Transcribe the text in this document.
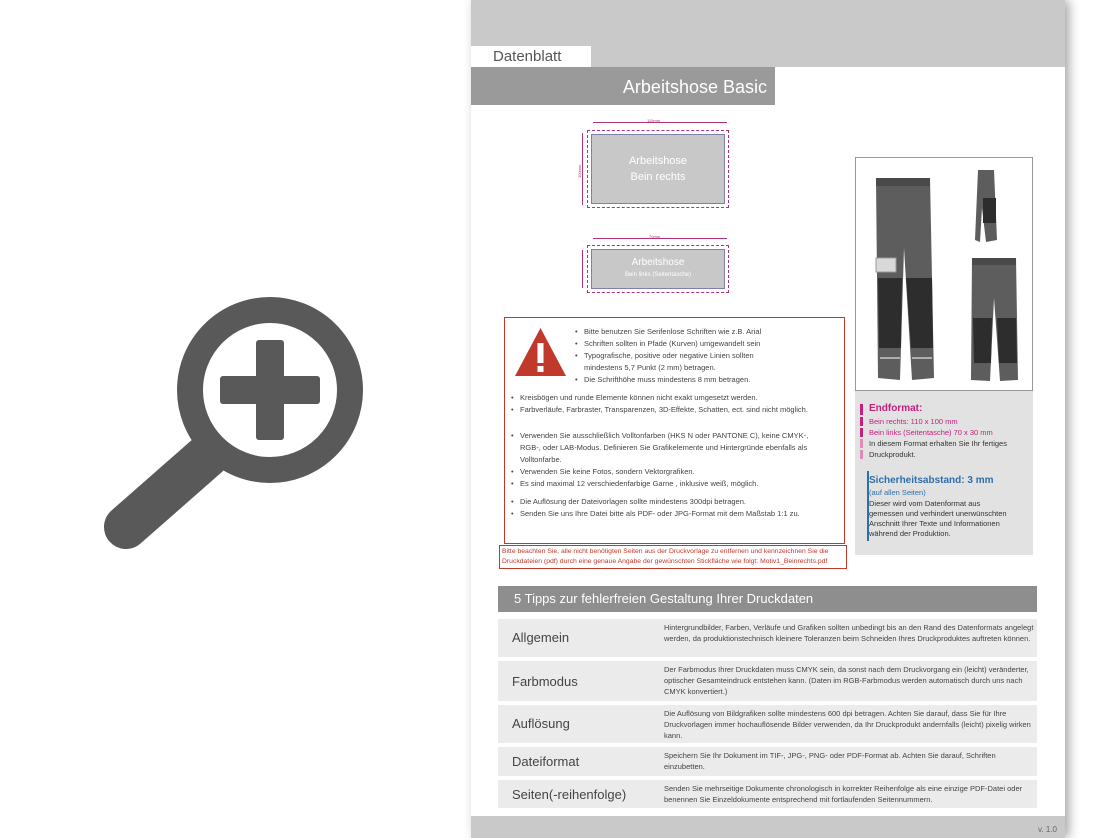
Datenblatt
Arbeitshose Basic
110mm
100mm
Arbeitshose
Bein rechts
70mm
Arbeitshose
Bein links (Seitentasche)
• Bitte benutzen Sie Serifenlose Schriften wie z.B. Arial
• Schriften sollten in Pfade (Kurven) umgewandelt sein
• Typografische, positive oder negative Linien sollten
mindestens 5,7 Punkt (2 mm) betragen.
• Die Schrifthöhe muss mindestens 8 mm betragen.
• Kreisbögen und runde Elemente können nicht exakt umgesetzt werden.
• Farbverläufe, Farbraster, Transparenzen, 3D-Effekte, Schatten, ect. sind nicht möglich.
• Verwenden Sie ausschließlich Volltonfarben (HKS N oder PANTONE C), keine CMYK-,
RGB-, oder LAB-Modus. Definieren Sie Grafikelemente und Hintergründe ebenfalls als
Volltonfarbe.
• Verwenden Sie keine Fotos, sondern Vektorgrafiken.
• Es sind maximal 12 verschiedenfarbige Garne , inklusive weiß, möglich.
• Die Auflösung der Dateivorlagen sollte mindestens 300dpi betragen.
• Senden Sie uns Ihre Datei bitte als PDF- oder JPG-Format mit dem Maßstab 1:1 zu.
Bitte beachten Sie, alle nicht benötigten Seiten aus der Druckvorlage zu entfernen und kennzeichnen Sie die Druckdateien (pdf) durch eine genaue Angabe der gewünschten Stickfläche wie folgt: Motiv1_Beinrechts.pdf
Endformat:
Bein rechts: 110 x 100 mm
Bein links (Seitentasche) 70 x 30 mm
In diesem Format erhalten Sie Ihr fertiges
Druckprodukt.
Sicherheitsabstand: 3 mm
(auf allen Seiten)
Dieser wird vom Datenformat aus
gemessen und verhindert unerwünschten
Anschnitt Ihrer Texte und Informationen
während der Produktion.
5 Tipps zur fehlerfreien Gestaltung Ihrer Druckdaten
Allgemein
Hintergrundbilder, Farben, Verläufe und Grafiken sollten unbedingt bis an den Rand des Datenformats angelegt werden, da produktionstechnisch kleinere Toleranzen beim Schneiden Ihres Druckproduktes auftreten können.
Farbmodus
Der Farbmodus Ihrer Druckdaten muss CMYK sein, da sonst nach dem Druckvorgang ein (leicht) veränderter, optischer Gesamteindruck entstehen kann. (Daten im RGB-Farbmodus werden automatisch durch uns nach CMYK konvertiert.)
Auflösung
Die Auflösung von Bildgrafiken sollte mindestens 600 dpi betragen. Achten Sie darauf, dass Sie für Ihre Druckvorlagen immer hochauflösende Bilder verwenden, da Ihr Druckprodukt andernfalls (leicht) pixelig wirken kann.
Dateiformat	Speichern Sie Ihr Dokument im TIF-, JPG-, PNG- oder PDF-Format ab. Achten Sie darauf, Schriften einzubetten.
Seiten(-reihenfolge)	Senden Sie mehrseitige Dokumente chronologisch in korrekter Reihenfolge als eine einzige PDF-Datei oder benennen Sie Einzeldokumente entsprechend mit fortlaufenden Seitennummern.
v. 1.0
